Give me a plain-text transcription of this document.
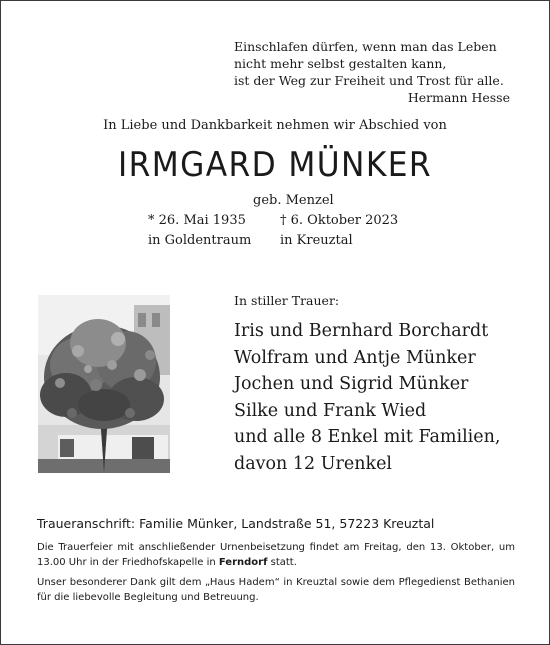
Einschlafen dürfen, wenn man das Leben
nicht mehr selbst gestalten kann,
ist der Weg zur Freiheit und Trost für alle.
Hermann Hesse
In Liebe und Dankbarkeit nehmen wir Abschied von
IRMGARD MÜNKER
geb. Menzel
* 26. Mai 1935
in Goldentraum
† 6. Oktober 2023
in Kreuztal
In stiller Trauer:
Iris und Bernhard Borchardt
Wolfram und Antje Münker
Jochen und Sigrid Münker
Silke und Frank Wied
und alle 8 Enkel mit Familien,
davon 12 Urenkel
Traueranschrift: Familie Münker, Landstraße 51, 57223 Kreuztal
Die Trauerfeier mit anschließender Urnenbeisetzung findet am Freitag, den 13. Oktober, um 13.00 Uhr in der Friedhofskapelle in Ferndorf statt.
Unser besonderer Dank gilt dem „Haus Hadem“ in Kreuztal sowie dem Pflegedienst Bethanien für die liebevolle Begleitung und Betreuung.
